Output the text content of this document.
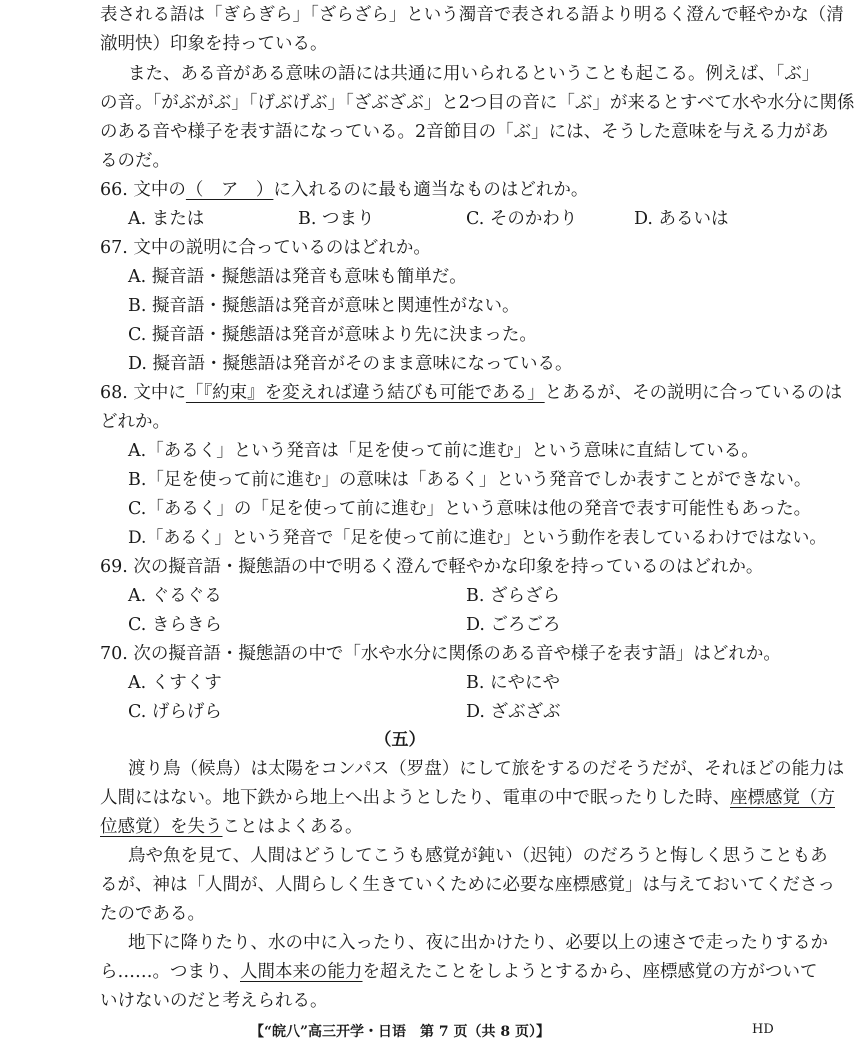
表される語は「ぎらぎら」「ざらざら」という濁音で表される語より明るく澄んで軽やかな（清
澈明快）印象を持っている。
また、ある音がある意味の語には共通に用いられるということも起こる。例えば、「ぶ」
の音。「がぶがぶ」「げぶげぶ」「ざぶざぶ」と2つ目の音に「ぶ」が来るとすべて水や水分に関係
のある音や様子を表す語になっている。2音節目の「ぶ」には、そうした意味を与える力があ
るのだ。
66. 文中の（　ア　）に入れるのに最も適当なものはどれか。
A. または	B. つまり	C. そのかわり	D. あるいは
67. 文中の説明に合っているのはどれか。
A. 擬音語・擬態語は発音も意味も簡単だ。
B. 擬音語・擬態語は発音が意味と関連性がない。
C. 擬音語・擬態語は発音が意味より先に決まった。
D. 擬音語・擬態語は発音がそのまま意味になっている。
68. 文中に「『約束』を変えれば違う結びも可能である」とあるが、その説明に合っているのは
どれか。
A.「あるく」という発音は「足を使って前に進む」という意味に直結している。
B.「足を使って前に進む」の意味は「あるく」という発音でしか表すことができない。
C.「あるく」の「足を使って前に進む」という意味は他の発音で表す可能性もあった。
D.「あるく」という発音で「足を使って前に進む」という動作を表しているわけではない。
69. 次の擬音語・擬態語の中で明るく澄んで軽やかな印象を持っているのはどれか。
A. ぐるぐる	B. ざらざら
C. きらきら	D. ごろごろ
70. 次の擬音語・擬態語の中で「水や水分に関係のある音や様子を表す語」はどれか。
A. くすくす	B. にやにや
C. げらげら	D. ざぶざぶ
（五）
渡り鳥（候鳥）は太陽をコンパス（罗盘）にして旅をするのだそうだが、それほどの能力は
人間にはない。地下鉄から地上へ出ようとしたり、電車の中で眠ったりした時、座標感覚（方
位感覚）を失うことはよくある。
鳥や魚を見て、人間はどうしてこうも感覚が鈍い（迟钝）のだろうと悔しく思うこともあ
るが、神は「人間が、人間らしく生きていくために必要な座標感覚」は与えておいてくださっ
たのである。
地下に降りたり、水の中に入ったり、夜に出かけたり、必要以上の速さで走ったりするか
ら……。つまり、人間本来の能力を超えたことをしようとするから、座標感覚の方がついて
いけないのだと考えられる。
【“皖八”高三开学・日语　第 7 页（共 8 页）】	HD
